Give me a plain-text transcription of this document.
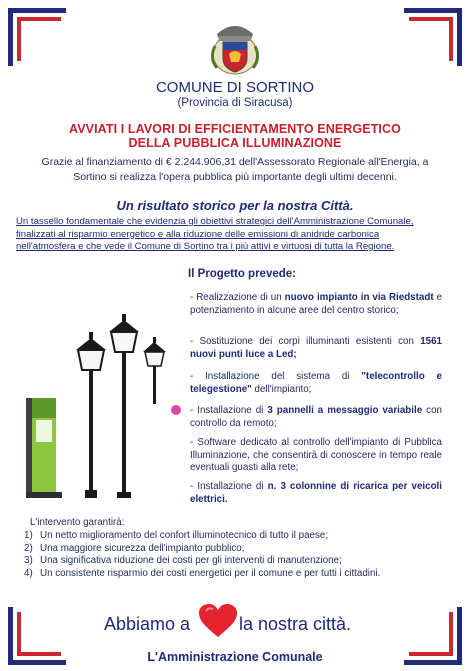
COMUNE DI SORTINO
(Provincia di Siracusa)
AVVIATI I LAVORI DI EFFICIENTAMENTO ENERGETICO
DELLA PUBBLICA ILLUMINAZIONE
Grazie al finanziamento di € 2.244.906,31 dell'Assessorato Regionale all'Energia, a
Sortino si realizza l'opera pubblica più importante degli ultimi decenni.
Un risultato storico per la nostra Città.
Un tassello fondamentale che evidenzia gli obiettivi strategici dell'Amministrazione Comunale,
finalizzati al risparmio energetico e alla riduzione delle emissioni di anidride carbonica
nell'atmosfera e che vede il Comune di Sortino tra i più attivi e virtuosi di tutta la Regione.
Il Progetto prevede:
- Realizzazione di un nuovo impianto in via Riedstadt e potenziamento in alcune aree del centro storico;
- Sostituzione dei corpi illuminanti esistenti con 1561 nuovi punti luce a Led;
- Installazione del sistema di "telecontrollo e telegestione" dell'impianto;
- Installazione di 3 pannelli a messaggio variabile con controllo da remoto;
- Software dedicato al controllo dell'impianto di Pubblica Illuminazione, che consentirà di conoscere in tempo reale eventuali guasti alla rete;
- Installazione di n. 3 colonnine di ricarica per veicoli elettrici.
L'intervento garantirà:
1) Un netto miglioramento del confort illuminotecnico di tutto il paese;
2) Una maggiore sicurezza dell'impianto pubblico;
3) Una significativa riduzione dei costi per gli interventi di manutenzione;
4) Un consistente risparmio dei costi energetici per il comune e per tutti i cittadini.
Abbiamo a	la nostra città.
L'Amministrazione Comunale
